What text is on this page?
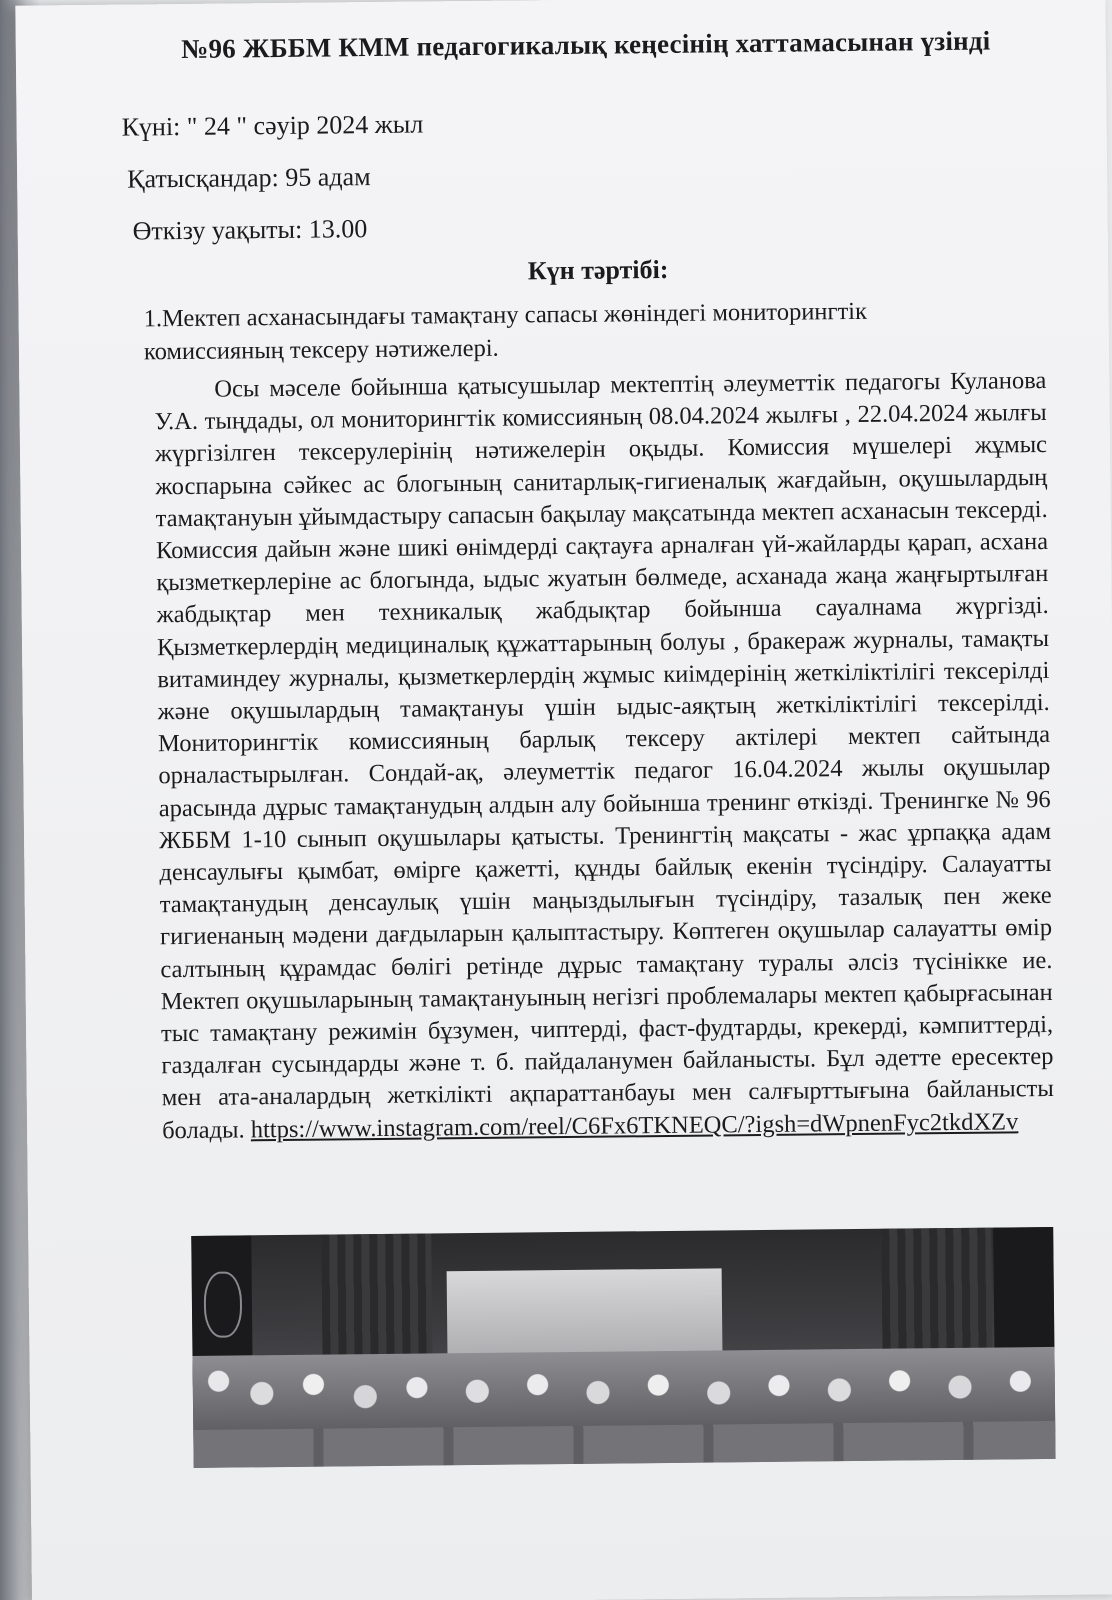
№96 ЖББМ КММ педагогикалық кеңесінің хаттамасынан үзінді
Күні: " 24 " сәуір 2024 жыл
Қатысқандар: 95 адам
Өткізу уақыты: 13.00
Күн тәртібі:
1.Мектеп асханасындағы тамақтану сапасы жөніндегі мониторингтік комиссияның тексеру нәтижелері.
Осы мәселе бойынша қатысушылар мектептің әлеуметтік педагогы Куланова У.А. тыңдады, ол мониторингтік комиссияның 08.04.2024 жылғы , 22.04.2024 жылғы жүргізілген тексерулерінің нәтижелерін оқыды. Комиссия мүшелері жұмыс жоспарына сәйкес ас блогының санитарлық-гигиеналық жағдайын, оқушылардың тамақтануын ұйымдастыру сапасын бақылау мақсатында мектеп асханасын тексерді. Комиссия дайын және шикі өнімдерді сақтауға арналған үй-жайларды қарап, асхана қызметкерлеріне ас блогында, ыдыс жуатын бөлмеде, асханада жаңа жаңғыртылған жабдықтар мен техникалық жабдықтар бойынша сауалнама жүргізді. Қызметкерлердің медициналық құжаттарының болуы , бракераж журналы, тамақты витаминдеу журналы, қызметкерлердің жұмыс киімдерінің жеткіліктілігі тексерілді және оқушылардың тамақтануы үшін ыдыс-аяқтың жеткіліктілігі тексерілді. Мониторингтік комиссияның барлық тексеру актілері мектеп сайтында орналастырылған. Сондай-ақ, әлеуметтік педагог 16.04.2024 жылы оқушылар арасында дұрыс тамақтанудың алдын алу бойынша тренинг өткізді. Тренингке № 96 ЖББМ 1-10 сынып оқушылары қатысты. Тренингтің мақсаты - жас ұрпаққа адам денсаулығы қымбат, өмірге қажетті, құнды байлық екенін түсіндіру. Салауатты тамақтанудың денсаулық үшін маңыздылығын түсіндіру, тазалық пен жеке гигиенаның мәдени дағдыларын қалыптастыру. Көптеген оқушылар салауатты өмір салтының құрамдас бөлігі ретінде дұрыс тамақтану туралы әлсіз түсінікке ие. Мектеп оқушыларының тамақтануының негізгі проблемалары мектеп қабырғасынан тыс тамақтану режимін бұзумен, чиптерді, фаст-фудтарды, крекерді, кәмпиттерді, газдалған сусындарды және т. б. пайдаланумен байланысты. Бұл әдетте ересектер мен ата-аналардың жеткілікті ақпараттанбауы мен салғырттығына байланысты болады. https://www.instagram.com/reel/C6Fx6TKNEQC/?igsh=dWpnenFyc2tkdXZv
